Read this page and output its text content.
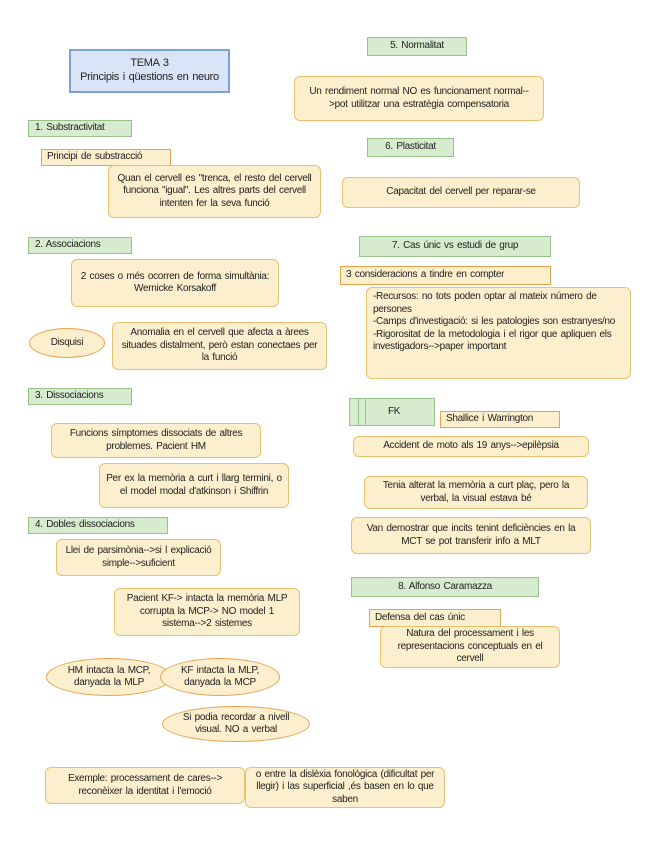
TEMA 3
Principis i qüestions en neuro
1. Substractivitat
Principi de substracció
Quan el cervell es "trenca, el resto del cervell funciona "igual". Les altres parts del cervell intenten fer la seva funció
2. Associacions
2 coses o més ocorren de forma simultània: Wernicke Korsakoff
Disquisi
Anomalia en el cervell que afecta a àrees situades distalment, però estan conectaes per la funció
3. Dissociacions
Funcions símptomes dissociats de altres problemes. Pacient HM
Per ex la memòria a curt i llarg termini, o el model modal d'atkinson i Shiffrin
4. Dobles dissociacions
Llei de parsimònia-->si l explicació simple-->suficient
Pacient KF-> intacta la memòria MLP corrupta la MCP-> NO model 1 sistema-->2 sistemes
HM intacta la MCP, danyada la MLP
KF intacta la MLP, danyada la MCP
Si podia recordar a nivell visual. NO a verbal
Exemple: processament de cares--> reconèixer la identitat i l'emoció
o entre la dislèxia fonològica (dificultat per llegir) i las superficial ,és basen en lo que saben
5. Normalitat
Un rendiment normal NO es funcionament normal-->pot utilitzar una estratègia compensatoria
6. Plasticitat
Capacitat del cervell per reparar-se
7. Cas únic vs estudi de grup
3 consideracions a tindre en compter
-Recursos: no tots poden optar al mateix número de persones
-Camps d'investigació: si les patologies son estranyes/no
-Rigorositat de la metodologia i el rigor que apliquen els investigadors-->paper important
FK
Shallice i Warrington
Accident de moto als 19 anys-->epilèpsia
Tenia alterat la memòria a curt plaç, pero la verbal, la visual estava bé
Van demostrar que incits tenint deficiències en la MCT se pot transferir info a MLT
8. Alfonso Caramazza
Defensa del cas únic
Natura del processament i les representacions conceptuals en el cervell
